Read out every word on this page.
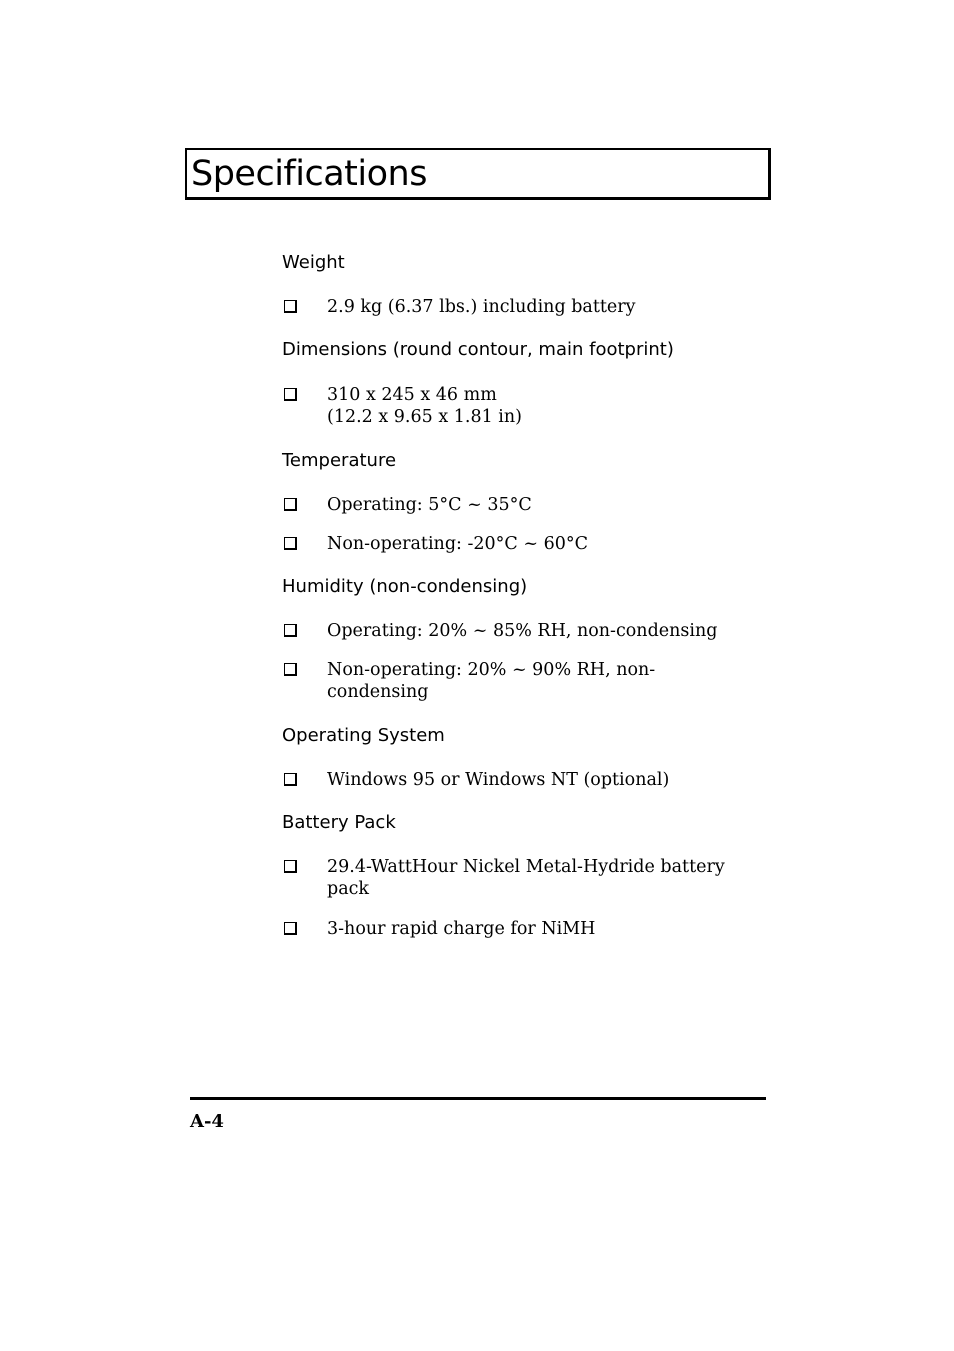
Specifications
Weight
2.9 kg (6.37 lbs.) including battery
Dimensions (round contour, main footprint)
310 x 245 x 46 mm
(12.2 x 9.65 x 1.81 in)
Temperature
Operating: 5°C ~ 35°C
Non-operating: -20°C ~ 60°C
Humidity (non-condensing)
Operating: 20% ~ 85% RH, non-condensing
Non-operating: 20% ~ 90% RH, non-
condensing
Operating System
Windows 95 or Windows NT (optional)
Battery Pack
29.4-WattHour Nickel Metal-Hydride battery
pack
3-hour rapid charge for NiMH
A-4
